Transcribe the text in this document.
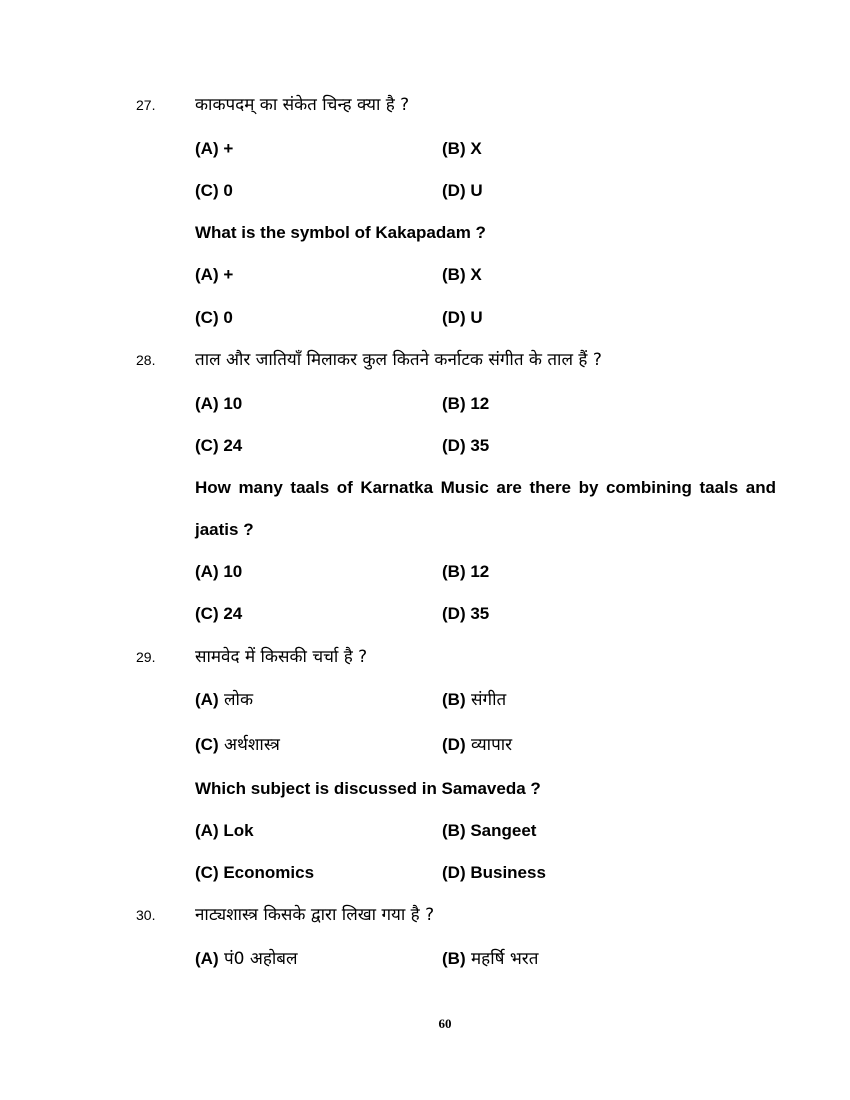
27. काकपदम् का संकेत चिन्ह क्या है ?
(A) +	(B) X
(C) 0	(D) U
What is the symbol of Kakapadam ?
(A) +	(B) X
(C) 0	(D) U
28. ताल और जातियाँ मिलाकर कुल कितने कर्नाटक संगीत के ताल हैं ?
(A) 10	(B) 12
(C) 24	(D) 35
How many taals of Karnatka Music are there by combining taals and
jaatis ?
(A) 10	(B) 12
(C) 24	(D) 35
29. सामवेद में किसकी चर्चा है ?
(A) लोक	(B) संगीत
(C) अर्थशास्त्र	(D) व्यापार
Which subject is discussed in Samaveda ?
(A) Lok	(B) Sangeet
(C) Economics	(D) Business
30. नाट्यशास्त्र किसके द्वारा लिखा गया है ?
(A) पं0 अहोबल	(B) महर्षि भरत
60
